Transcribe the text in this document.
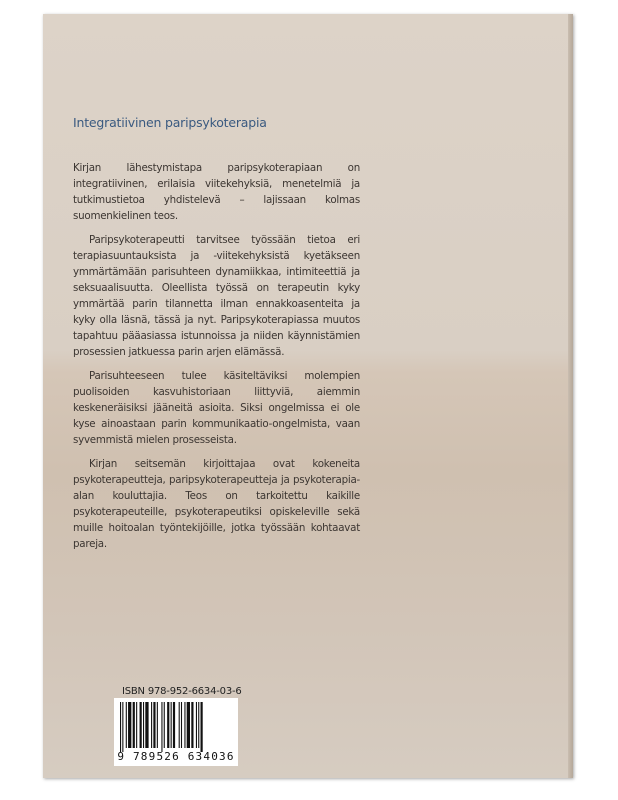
Integratiivinen paripsykoterapia

Kirjan lähestymistapa paripsykoterapiaan on integratiivinen, erilaisia viitekehyksiä, menetelmiä ja tutkimustietoa yhdistelevä – lajissaan kolmas suomenkielinen teos.

Paripsykoterapeutti tarvitsee työssään tietoa eri terapiasuuntauksista ja -viitekehyksistä kyetäkseen ymmärtämään parisuhteen dynamiikkaa, intimiteettiä ja seksuaalisuutta. Oleellista työssä on terapeutin kyky ymmärtää parin tilannetta ilman ennakkoasenteita ja kyky olla läsnä, tässä ja nyt. Paripsykoterapiassa muutos tapahtuu pääasiassa istunnoissa ja niiden käynnistämien prosessien jatkuessa parin arjen elämässä.

Parisuhteeseen tulee käsiteltäviksi molempien puolisoiden kasvuhistoriaan liittyviä, aiemmin keskeneräisiksi jääneitä asioita. Siksi ongelmissa ei ole kyse ainoastaan parin kommunikaatio-ongelmista, vaan syvemmistä mielen prosesseista.

Kirjan seitsemän kirjoittajaa ovat kokeneita psykoterapeutteja, paripsykoterapeutteja ja psykoterapia-alan kouluttajia. Teos on tarkoitettu kaikille psykoterapeuteille, psykoterapeutiksi opiskeleville sekä muille hoitoalan työntekijöille, jotka työssään kohtaavat pareja.

ISBN 978-952-6634-03-6
9 789526 634036
